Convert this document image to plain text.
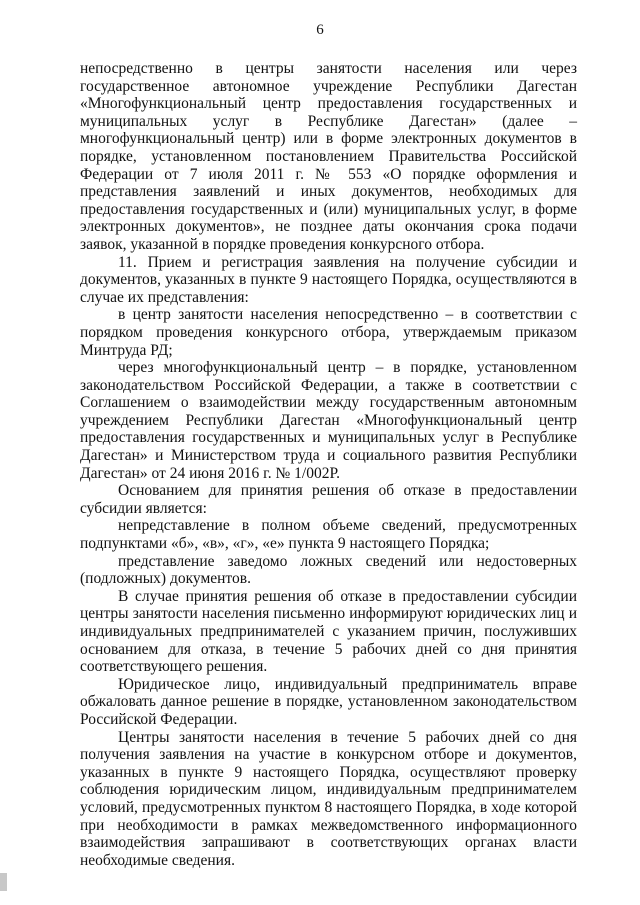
6

непосредственно в центры занятости населения или через государственное автономное учреждение Республики Дагестан «Многофункциональный центр предоставления государственных и муниципальных услуг в Республике Дагестан» (далее – многофункциональный центр) или в форме электронных документов в порядке, установленном постановлением Правительства Российской Федерации от 7 июля 2011 г. № 553 «О порядке оформления и представления заявлений и иных документов, необходимых для предоставления государственных и (или) муниципальных услуг, в форме электронных документов», не позднее даты окончания срока подачи заявок, указанной в порядке проведения конкурсного отбора.

11. Прием и регистрация заявления на получение субсидии и документов, указанных в пункте 9 настоящего Порядка, осуществляются в случае их представления:

в центр занятости населения непосредственно – в соответствии с порядком проведения конкурсного отбора, утверждаемым приказом Минтруда РД;

через многофункциональный центр – в порядке, установленном законодательством Российской Федерации, а также в соответствии с Соглашением о взаимодействии между государственным автономным учреждением Республики Дагестан «Многофункциональный центр предоставления государственных и муниципальных услуг в Республике Дагестан» и Министерством труда и социального развития Республики Дагестан» от 24 июня 2016 г. № 1/002Р.

Основанием для принятия решения об отказе в предоставлении субсидии является:

непредставление в полном объеме сведений, предусмотренных подпунктами «б», «в», «г», «е» пункта 9 настоящего Порядка;

представление заведомо ложных сведений или недостоверных (подложных) документов.

В случае принятия решения об отказе в предоставлении субсидии центры занятости населения письменно информируют юридических лиц и индивидуальных предпринимателей с указанием причин, послуживших основанием для отказа, в течение 5 рабочих дней со дня принятия соответствующего решения.

Юридическое лицо, индивидуальный предприниматель вправе обжаловать данное решение в порядке, установленном законодательством Российской Федерации.

Центры занятости населения в течение 5 рабочих дней со дня получения заявления на участие в конкурсном отборе и документов, указанных в пункте 9 настоящего Порядка, осуществляют проверку соблюдения юридическим лицом, индивидуальным предпринимателем условий, предусмотренных пунктом 8 настоящего Порядка, в ходе которой при необходимости в рамках межведомственного информационного взаимодействия запрашивают в соответствующих органах власти необходимые сведения.
